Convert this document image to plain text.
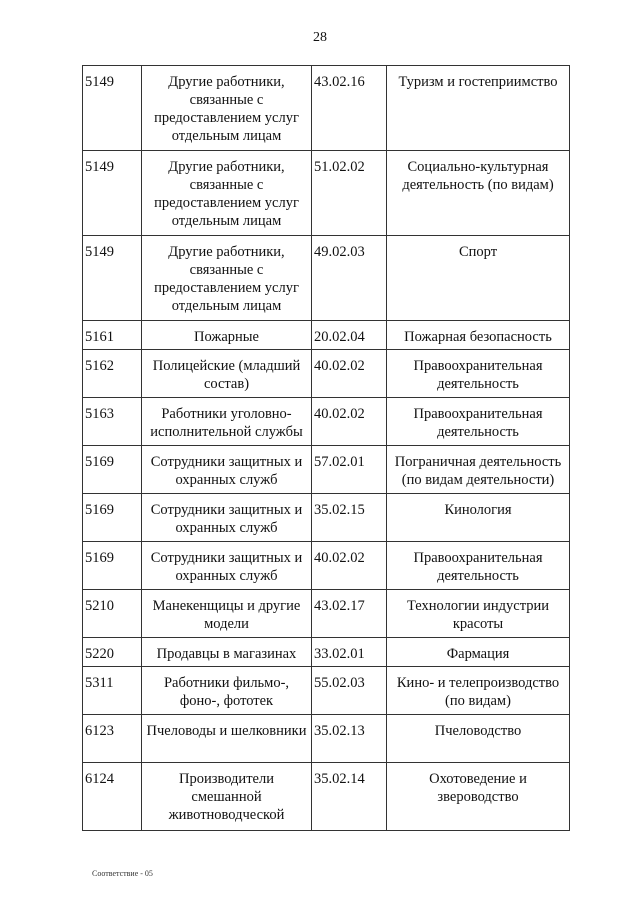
28
5149	Другие работники, связанные с предоставлением услуг отдельным лицам	43.02.16	Туризм и гостеприимство
5149	Другие работники, связанные с предоставлением услуг отдельным лицам	51.02.02	Социально-культурная деятельность (по видам)
5149	Другие работники, связанные с предоставлением услуг отдельным лицам	49.02.03	Спорт
5161	Пожарные	20.02.04	Пожарная безопасность
5162	Полицейские (младший состав)	40.02.02	Правоохранительная деятельность
5163	Работники уголовно-исполнительной службы	40.02.02	Правоохранительная деятельность
5169	Сотрудники защитных и охранных служб	57.02.01	Пограничная деятельность (по видам деятельности)
5169	Сотрудники защитных и охранных служб	35.02.15	Кинология
5169	Сотрудники защитных и охранных служб	40.02.02	Правоохранительная деятельность
5210	Манекенщицы и другие модели	43.02.17	Технологии индустрии красоты
5220	Продавцы в магазинах	33.02.01	Фармация
5311	Работники фильмо-, фоно-, фототек	55.02.03	Кино- и телепроизводство (по видам)
6123	Пчеловоды и шелковники	35.02.13	Пчеловодство
6124	Производители смешанной животноводческой	35.02.14	Охотоведение и звероводство
Соответствие - 05
